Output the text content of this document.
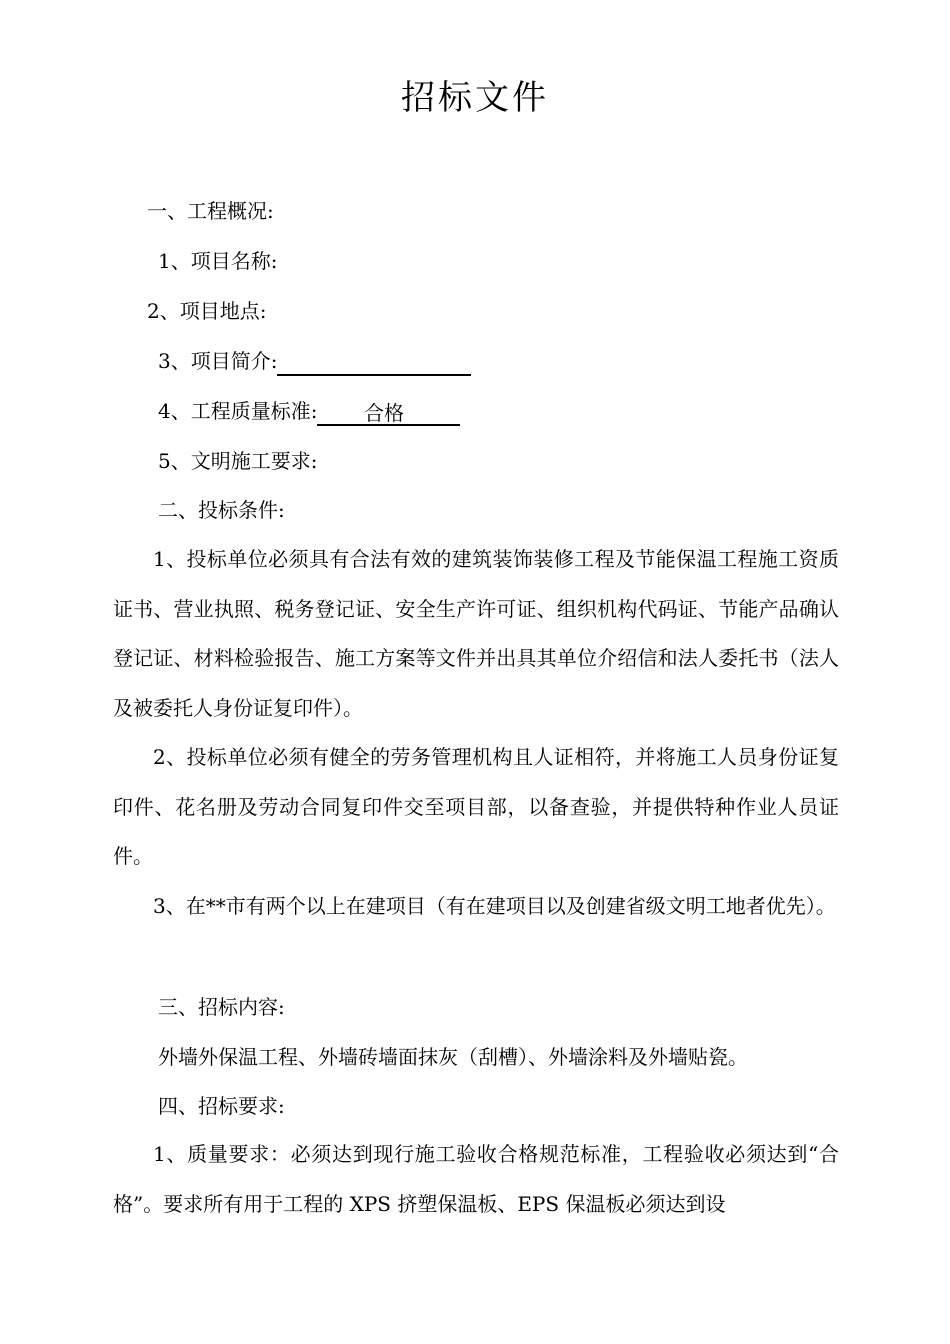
招标文件
一、工程概况:
1、项目名称:
2、项目地点:
3、项目简介:
4、工程质量标准: 合格
5、文明施工要求:
二、投标条件:

1、投标单位必须具有合法有效的建筑装饰装修工程及节能保温工程施工资质证书、营业执照、税务登记证、安全生产许可证、组织机构代码证、节能产品确认登记证、材料检验报告、施工方案等文件并出具其单位介绍信和法人委托书（法人及被委托人身份证复印件）。

2、投标单位必须有健全的劳务管理机构且人证相符，并将施工人员身份证复印件、花名册及劳动合同复印件交至项目部，以备查验，并提供特种作业人员证件。

3、在**市有两个以上在建项目（有在建项目以及创建省级文明工地者优先）。

三、招标内容:
外墙外保温工程、外墙砖墙面抹灰（刮槽）、外墙涂料及外墙贴瓷。
四、招标要求:

1、质量要求：必须达到现行施工验收合格规范标准，工程验收必须达到“合格”。要求所有用于工程的 XPS 挤塑保温板、EPS 保温板必须达到设
